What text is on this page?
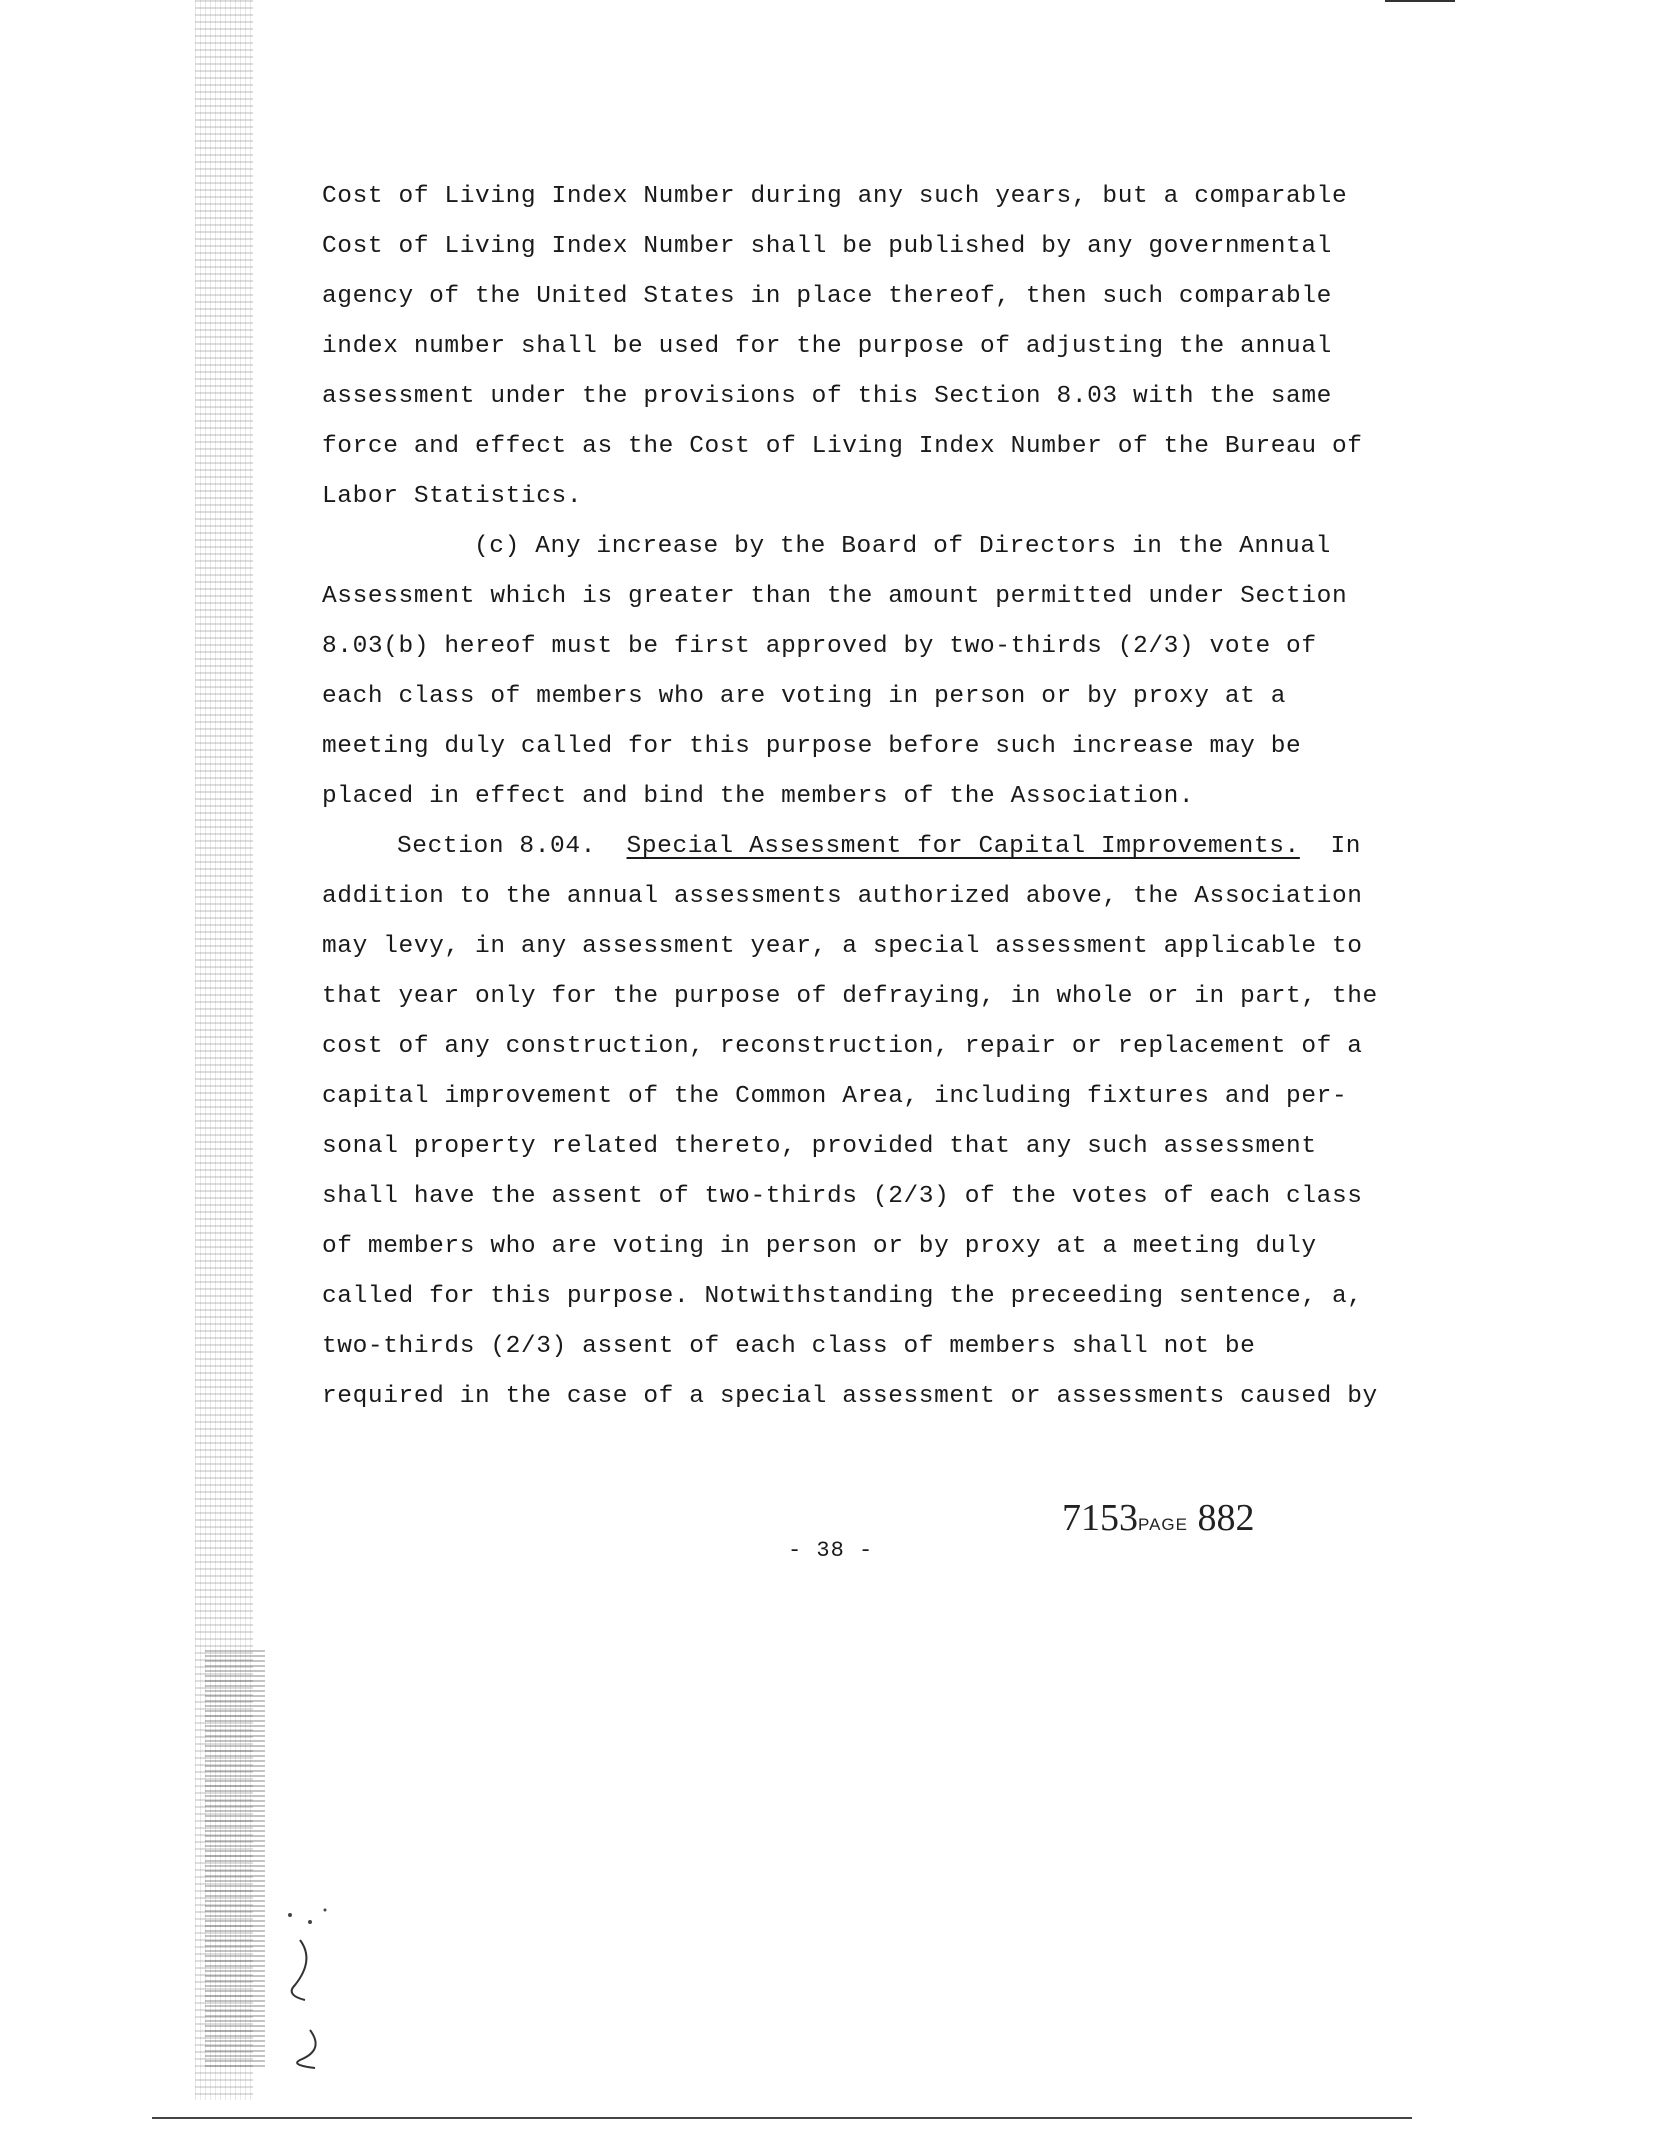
Cost of Living Index Number during any such years, but a comparable
Cost of Living Index Number shall be published by any governmental
agency of the United States in place thereof, then such comparable
index number shall be used for the purpose of adjusting the annual
assessment under the provisions of this Section 8.03 with the same
force and effect as the Cost of Living Index Number of the Bureau of
Labor Statistics.
(c) Any increase by the Board of Directors in the Annual
Assessment which is greater than the amount permitted under Section
8.03(b) hereof must be first approved by two-thirds (2/3) vote of
each class of members who are voting in person or by proxy at a
meeting duly called for this purpose before such increase may be
placed in effect and bind the members of the Association.
Section 8.04. Special Assessment for Capital Improvements. In
addition to the annual assessments authorized above, the Association
may levy, in any assessment year, a special assessment applicable to
that year only for the purpose of defraying, in whole or in part, the
cost of any construction, reconstruction, repair or replacement of a
capital improvement of the Common Area, including fixtures and per-
sonal property related thereto, provided that any such assessment
shall have the assent of two-thirds (2/3) of the votes of each class
of members who are voting in person or by proxy at a meeting duly
called for this purpose. Notwithstanding the preceeding sentence, a,
two-thirds (2/3) assent of each class of members shall not be
required in the case of a special assessment or assessments caused by
7153PAGE 882
- 38 -
